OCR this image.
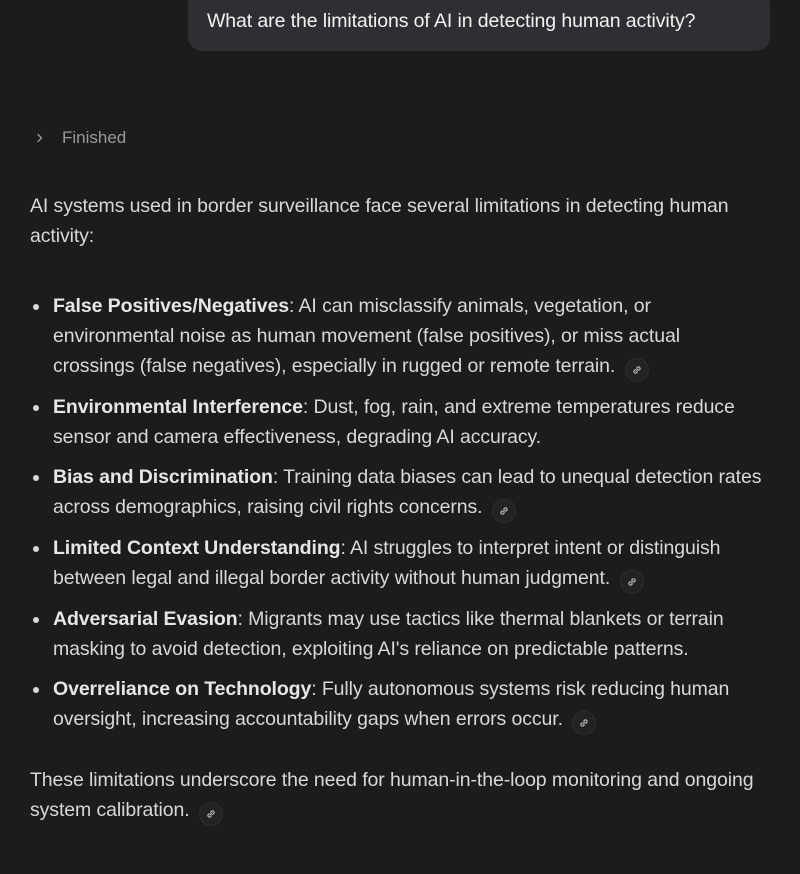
What are the limitations of AI in detecting human activity?
Finished

AI systems used in border surveillance face several limitations in detecting human activity:

False Positives/Negatives: AI can misclassify animals, vegetation, or environmental noise as human movement (false positives), or miss actual crossings (false negatives), especially in rugged or remote terrain.
Environmental Interference: Dust, fog, rain, and extreme temperatures reduce sensor and camera effectiveness, degrading AI accuracy.
Bias and Discrimination: Training data biases can lead to unequal detection rates across demographics, raising civil rights concerns.
Limited Context Understanding: AI struggles to interpret intent or distinguish between legal and illegal border activity without human judgment.
Adversarial Evasion: Migrants may use tactics like thermal blankets or terrain masking to avoid detection, exploiting AI's reliance on predictable patterns.
Overreliance on Technology: Fully autonomous systems risk reducing human oversight, increasing accountability gaps when errors occur.

These limitations underscore the need for human-in-the-loop monitoring and ongoing system calibration.
